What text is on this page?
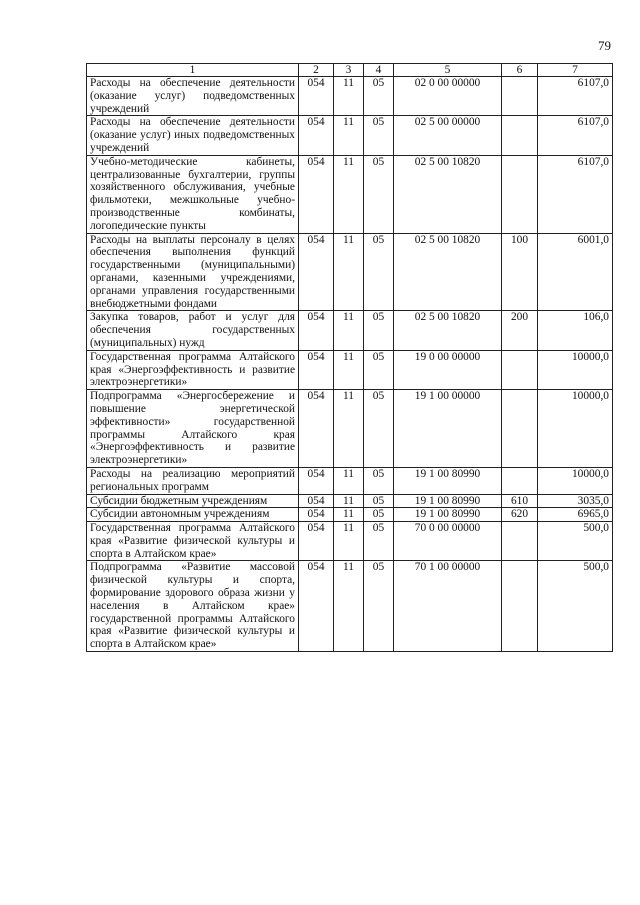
79
1	2	3	4	5	6	7
Расходы на обеспечение деятельности (оказание услуг) подведомственных учреждений	054	11	05	02 0 00 00000		6107,0
Расходы на обеспечение деятельности (оказание услуг) иных подведомственных учреждений	054	11	05	02 5 00 00000		6107,0
Учебно-методические кабинеты, централизованные бухгалтерии, группы хозяйственного обслуживания, учебные фильмотеки, межшкольные учебно-производственные комбинаты, логопедические пункты	054	11	05	02 5 00 10820		6107,0
Расходы на выплаты персоналу в целях обеспечения выполнения функций государственными (муниципальными) органами, казенными учреждениями, органами управления государственными внебюджетными фондами	054	11	05	02 5 00 10820	100	6001,0
Закупка товаров, работ и услуг для обеспечения государственных (муниципальных) нужд	054	11	05	02 5 00 10820	200	106,0
Государственная программа Алтайского края «Энергоэффективность и развитие электроэнергетики»	054	11	05	19 0 00 00000		10000,0
Подпрограмма «Энергосбережение и повышение энергетической эффективности» государственной программы Алтайского края «Энергоэффективность и развитие электроэнергетики»	054	11	05	19 1 00 00000		10000,0
Расходы на реализацию мероприятий региональных программ	054	11	05	19 1 00 80990		10000,0
Субсидии бюджетным учреждениям	054	11	05	19 1 00 80990	610	3035,0
Субсидии автономным учреждениям	054	11	05	19 1 00 80990	620	6965,0
Государственная программа Алтайского края «Развитие физической культуры и спорта в Алтайском крае»	054	11	05	70 0 00 00000		500,0
Подпрограмма «Развитие массовой физической культуры и спорта, формирование здорового образа жизни у населения в Алтайском крае» государственной программы Алтайского края «Развитие физической культуры и спорта в Алтайском крае»	054	11	05	70 1 00 00000		500,0
